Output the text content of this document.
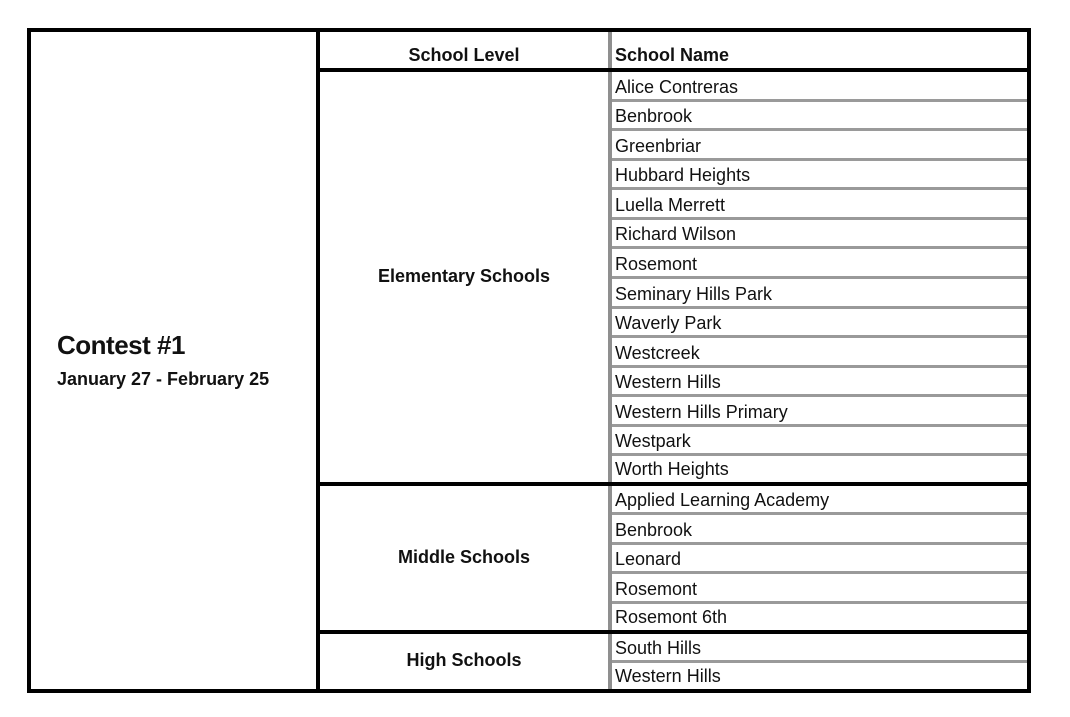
Contest #1
January 27 - February 25
School Level	School Name
Elementary Schools
Middle Schools
High Schools
Alice Contreras
Benbrook
Greenbriar
Hubbard Heights
Luella Merrett
Richard Wilson
Rosemont
Seminary Hills Park
Waverly Park
Westcreek
Western Hills
Western Hills Primary
Westpark
Worth Heights
Applied Learning Academy
Benbrook
Leonard
Rosemont
Rosemont 6th
South Hills
Western Hills
